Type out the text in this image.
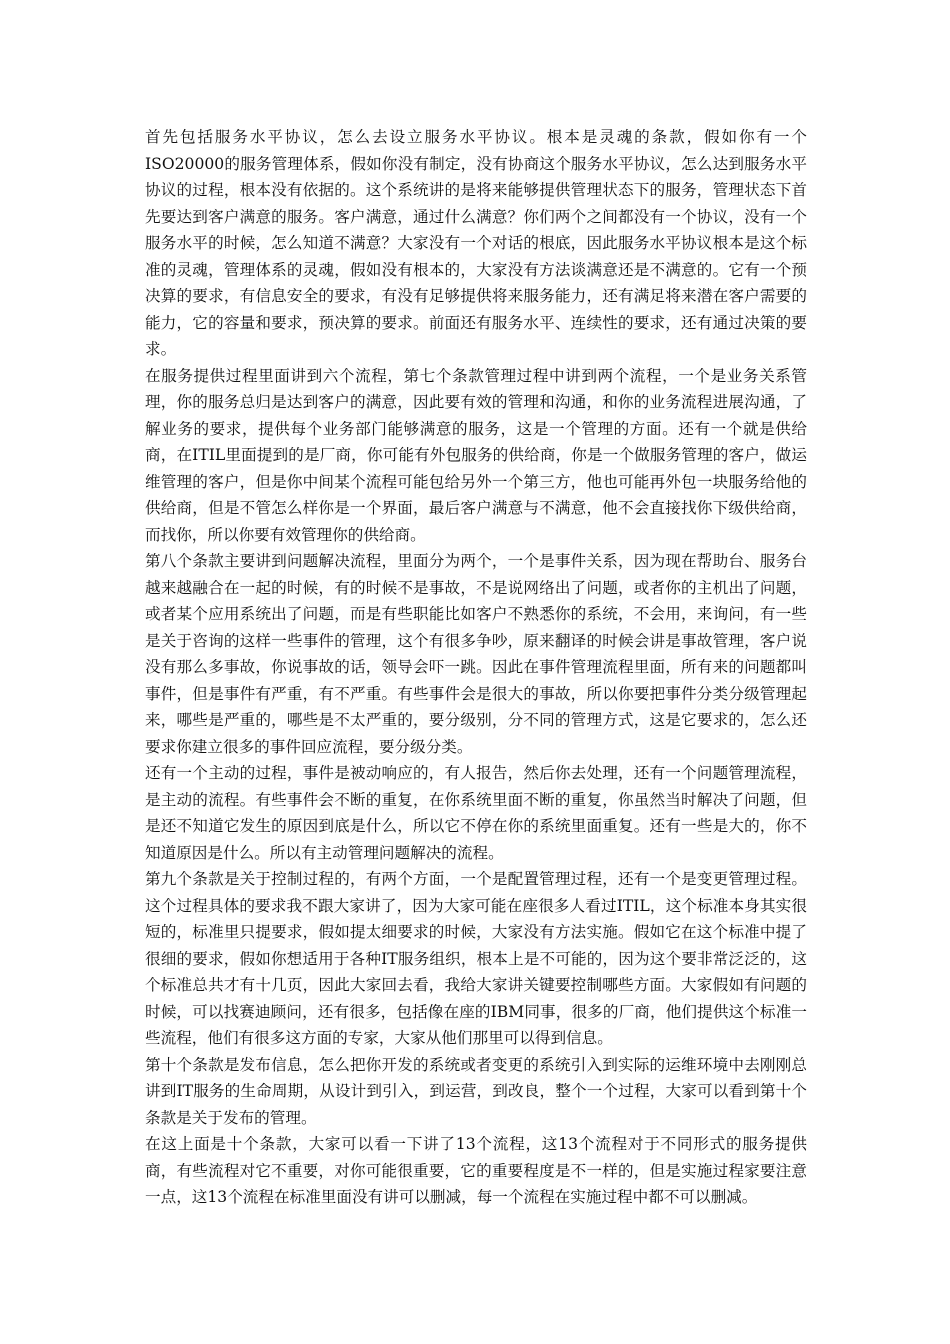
首先包括服务水平协议，怎么去设立服务水平协议。根本是灵魂的条款，假如你有一个ISO20000的服务管理体系，假如你没有制定，没有协商这个服务水平协议，怎么达到服务水平协议的过程，根本没有依据的。这个系统讲的是将来能够提供管理状态下的服务，管理状态下首先要达到客户满意的服务。客户满意，通过什么满意？你们两个之间都没有一个协议，没有一个服务水平的时候，怎么知道不满意？大家没有一个对话的根底，因此服务水平协议根本是这个标准的灵魂，管理体系的灵魂，假如没有根本的，大家没有方法谈满意还是不满意的。它有一个预决算的要求，有信息安全的要求，有没有足够提供将来服务能力，还有满足将来潜在客户需要的能力，它的容量和要求，预决算的要求。前面还有服务水平、连续性的要求，还有通过决策的要求。

在服务提供过程里面讲到六个流程，第七个条款管理过程中讲到两个流程，一个是业务关系管理，你的服务总归是达到客户的满意，因此要有效的管理和沟通，和你的业务流程进展沟通，了解业务的要求，提供每个业务部门能够满意的服务，这是一个管理的方面。还有一个就是供给商，在ITIL里面提到的是厂商，你可能有外包服务的供给商，你是一个做服务管理的客户，做运维管理的客户，但是你中间某个流程可能包给另外一个第三方，他也可能再外包一块服务给他的供给商，但是不管怎么样你是一个界面，最后客户满意与不满意，他不会直接找你下级供给商，而找你，所以你要有效管理你的供给商。

第八个条款主要讲到问题解决流程，里面分为两个，一个是事件关系，因为现在帮助台、服务台越来越融合在一起的时候，有的时候不是事故，不是说网络出了问题，或者你的主机出了问题，或者某个应用系统出了问题，而是有些职能比如客户不熟悉你的系统，不会用，来询问，有一些是关于咨询的这样一些事件的管理，这个有很多争吵，原来翻译的时候会讲是事故管理，客户说没有那么多事故，你说事故的话，领导会吓一跳。因此在事件管理流程里面，所有来的问题都叫事件，但是事件有严重，有不严重。有些事件会是很大的事故，所以你要把事件分类分级管理起来，哪些是严重的，哪些是不太严重的，要分级别，分不同的管理方式，这是它要求的，怎么还要求你建立很多的事件回应流程，要分级分类。

还有一个主动的过程，事件是被动响应的，有人报告，然后你去处理，还有一个问题管理流程，是主动的流程。有些事件会不断的重复，在你系统里面不断的重复，你虽然当时解决了问题，但是还不知道它发生的原因到底是什么，所以它不停在你的系统里面重复。还有一些是大的，你不知道原因是什么。所以有主动管理问题解决的流程。

第九个条款是关于控制过程的，有两个方面，一个是配置管理过程，还有一个是变更管理过程。这个过程具体的要求我不跟大家讲了，因为大家可能在座很多人看过ITIL，这个标准本身其实很短的，标准里只提要求，假如提太细要求的时候，大家没有方法实施。假如它在这个标准中提了很细的要求，假如你想适用于各种IT服务组织，根本上是不可能的，因为这个要非常泛泛的，这个标准总共才有十几页，因此大家回去看，我给大家讲关键要控制哪些方面。大家假如有问题的时候，可以找赛迪顾问，还有很多，包括像在座的IBM同事，很多的厂商，他们提供这个标准一些流程，他们有很多这方面的专家，大家从他们那里可以得到信息。

第十个条款是发布信息，怎么把你开发的系统或者变更的系统引入到实际的运维环境中去刚刚总讲到IT服务的生命周期，从设计到引入，到运营，到改良，整个一个过程，大家可以看到第十个条款是关于发布的管理。

在这上面是十个条款，大家可以看一下讲了13个流程，这13个流程对于不同形式的服务提供商，有些流程对它不重要，对你可能很重要，它的重要程度是不一样的，但是实施过程家要注意一点，这13个流程在标准里面没有讲可以删减，每一个流程在实施过程中都不可以删减。
